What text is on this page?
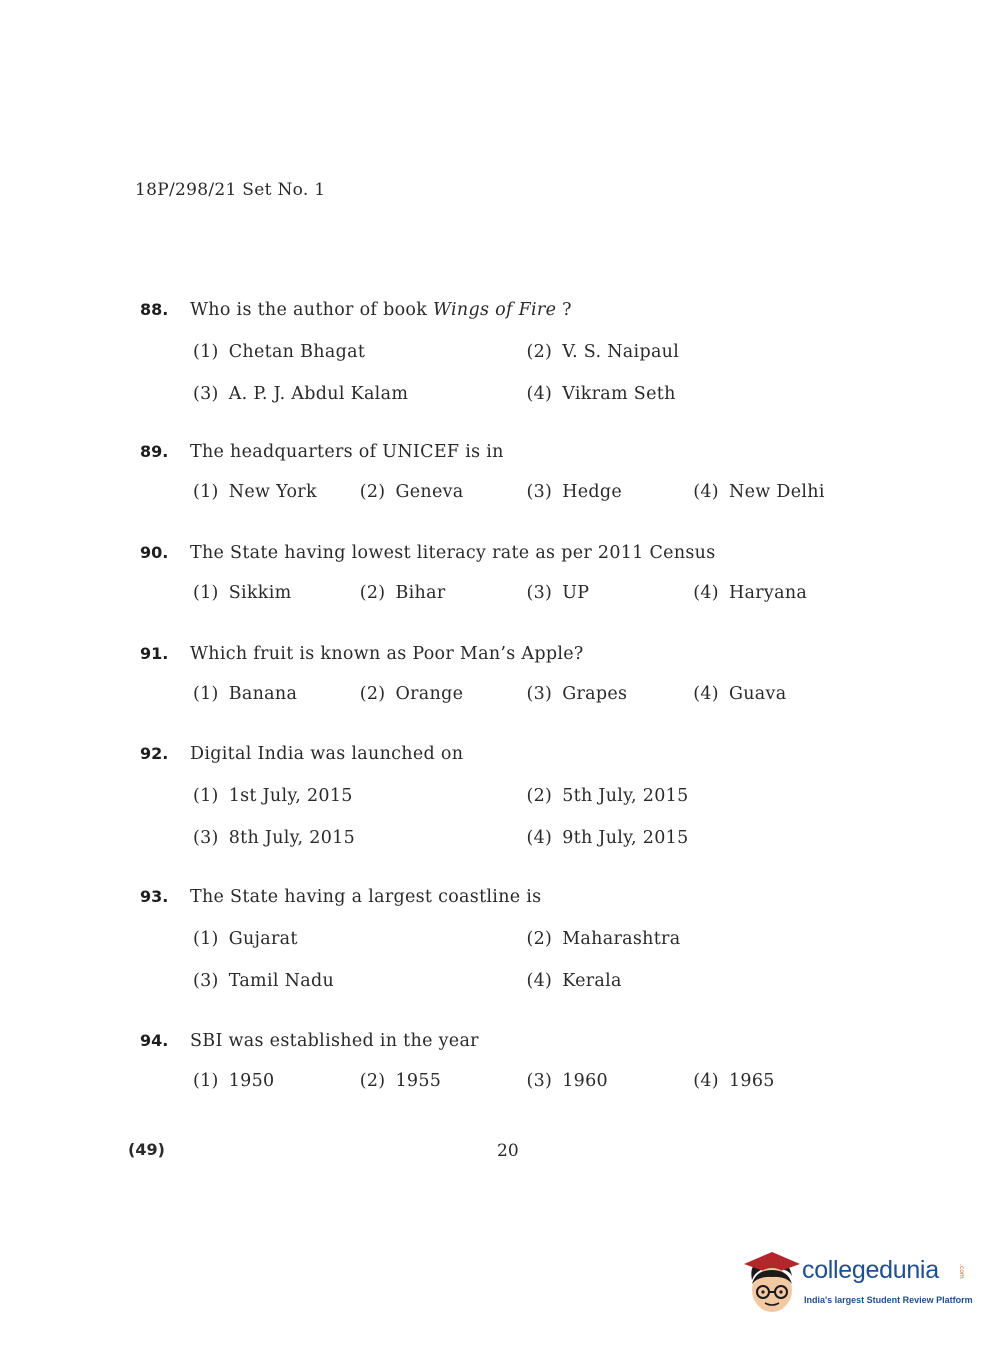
18P/298/21 Set No. 1
88.	Who is the author of book Wings of Fire ?
(1) Chetan Bhagat	(2) V. S. Naipaul
(3) A. P. J. Abdul Kalam	(4) Vikram Seth
89.	The headquarters of UNICEF is in
(1) New York	(2) Geneva	(3) Hedge	(4) New Delhi
90.	The State having lowest literacy rate as per 2011 Census
(1) Sikkim	(2) Bihar	(3) UP	(4) Haryana
91.	Which fruit is known as Poor Man’s Apple?
(1) Banana	(2) Orange	(3) Grapes	(4) Guava
92.	Digital India was launched on
(1) 1st July, 2015	(2) 5th July, 2015
(3) 8th July, 2015	(4) 9th July, 2015
93.	The State having a largest coastline is
(1) Gujarat	(2) Maharashtra
(3) Tamil Nadu	(4) Kerala
94.	SBI was established in the year
(1) 1950	(2) 1955	(3) 1960	(4) 1965
(49)	20
collegedunia	.com
India's largest Student Review Platform
